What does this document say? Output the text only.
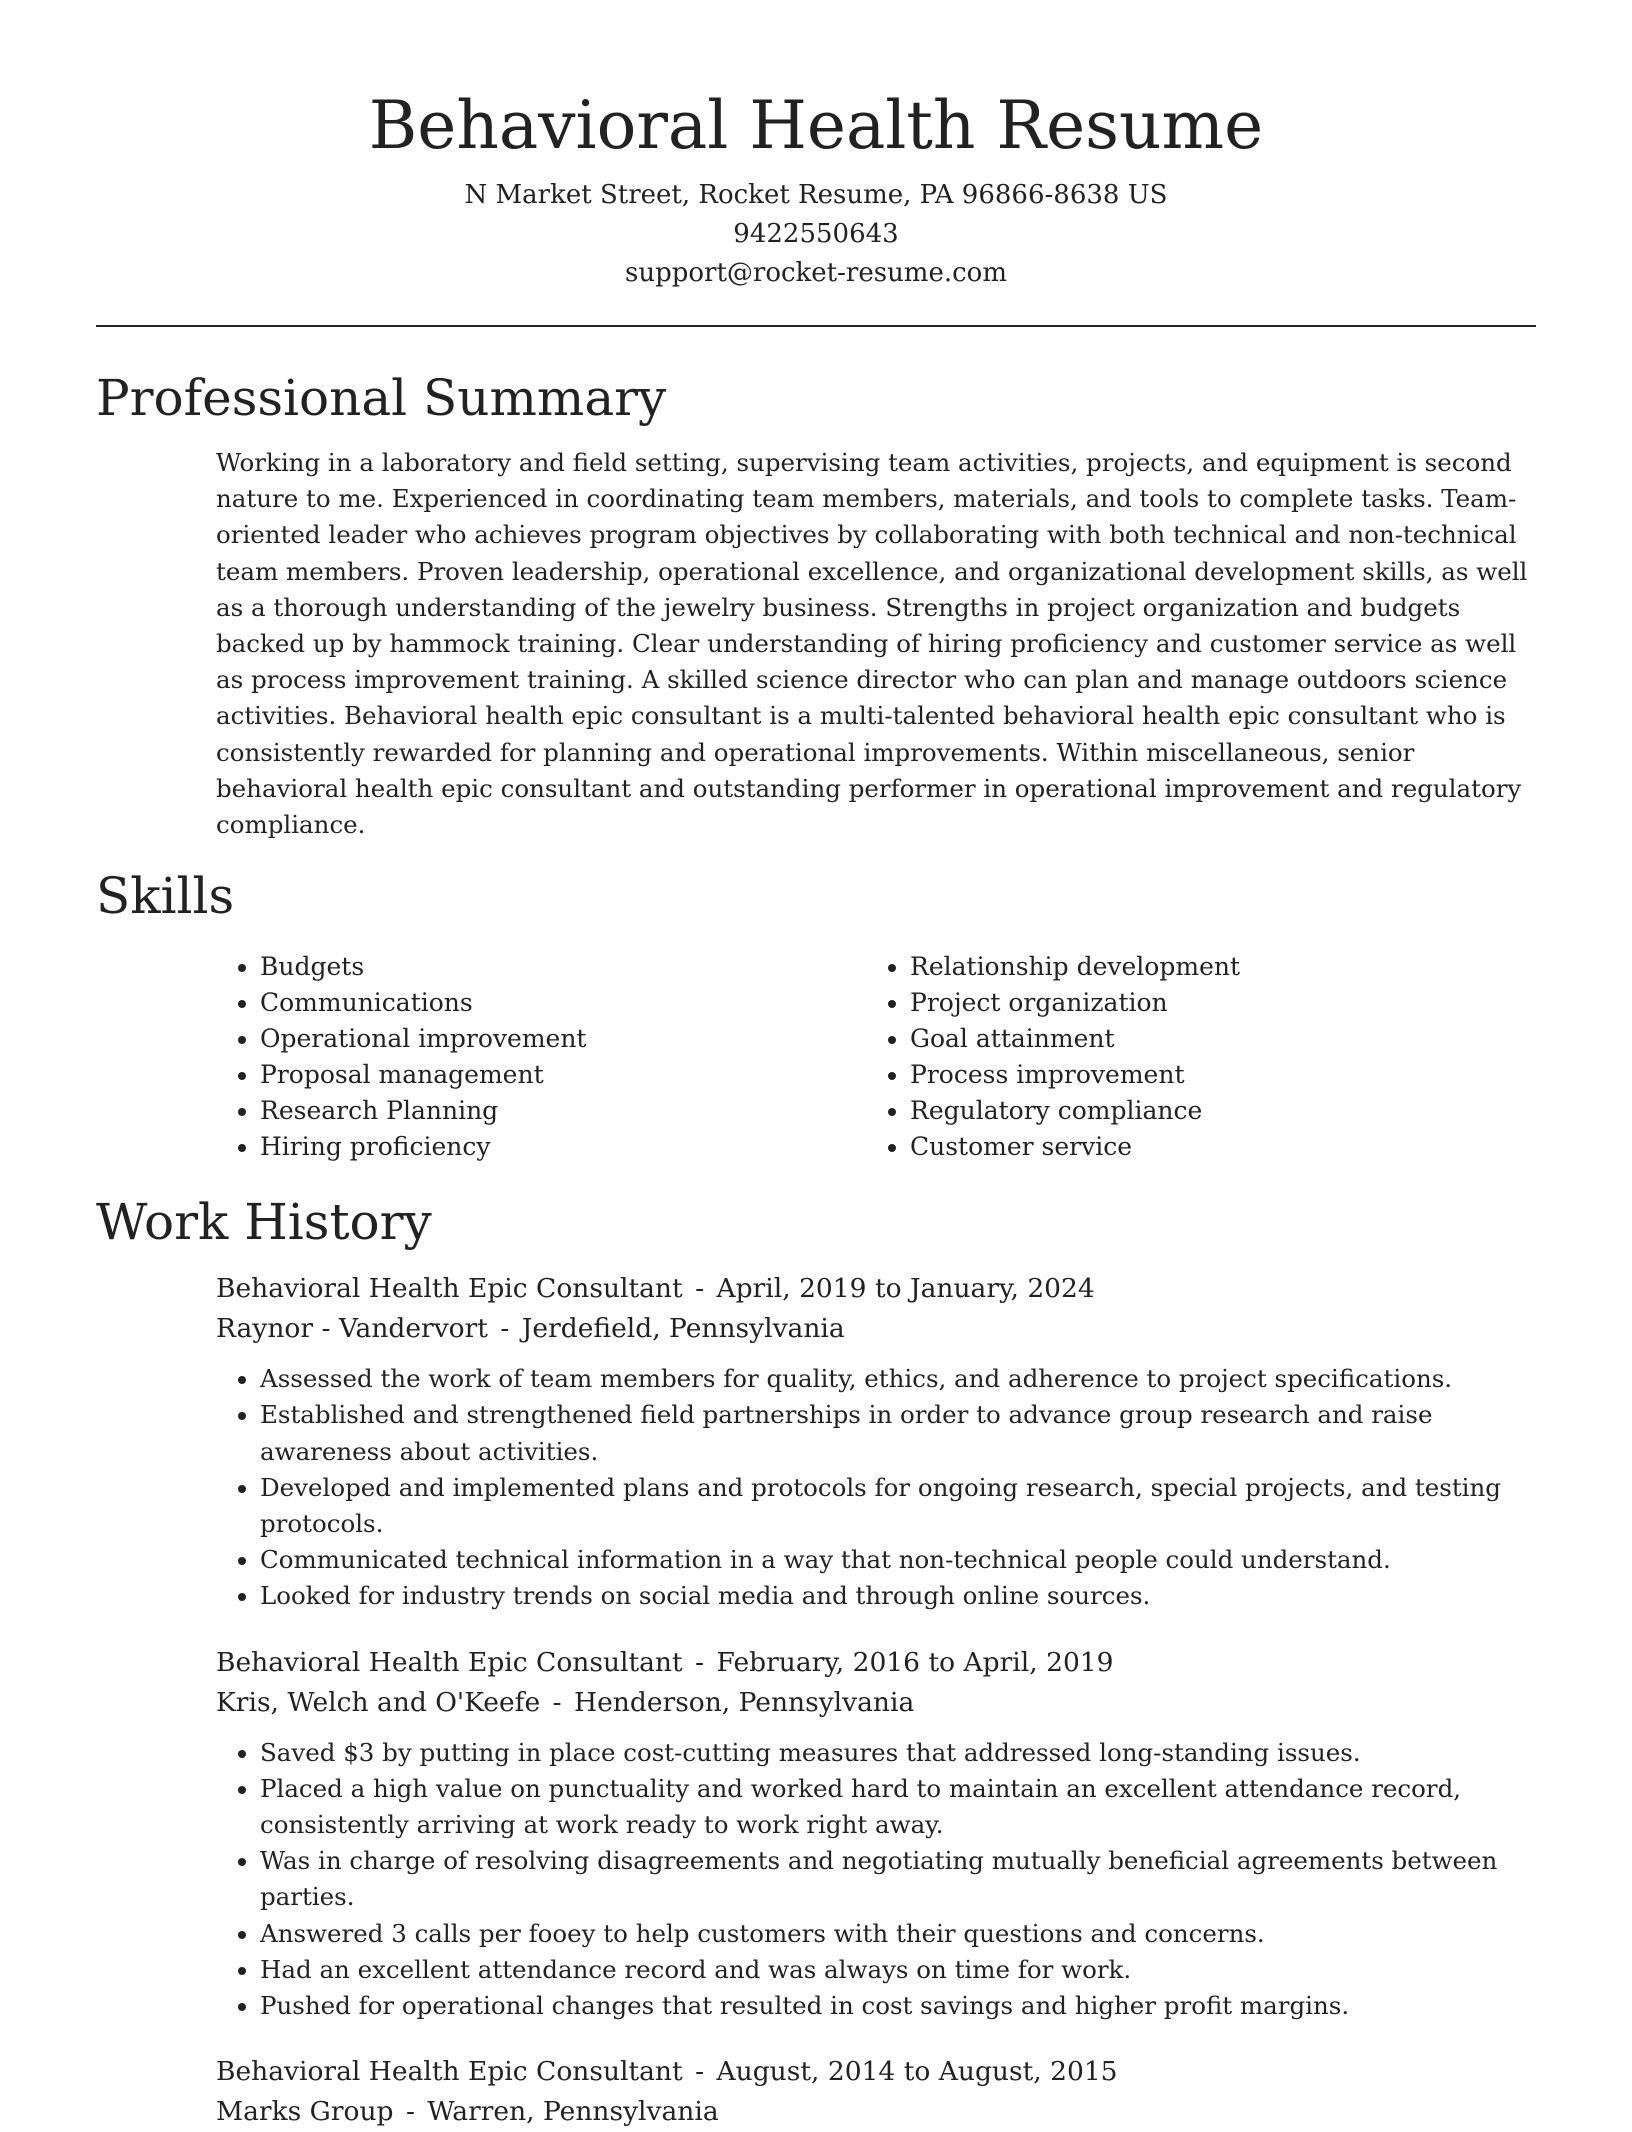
Behavioral Health Resume
N Market Street, Rocket Resume, PA 96866-8638 US
9422550643
support@rocket-resume.com
Professional Summary

Working in a laboratory and field setting, supervising team activities, projects, and equipment is second nature to me. Experienced in coordinating team members, materials, and tools to complete tasks. Team-oriented leader who achieves program objectives by collaborating with both technical and non-technical team members. Proven leadership, operational excellence, and organizational development skills, as well as a thorough understanding of the jewelry business. Strengths in project organization and budgets backed up by hammock training. Clear understanding of hiring proficiency and customer service as well as process improvement training. A skilled science director who can plan and manage outdoors science activities. Behavioral health epic consultant is a multi-talented behavioral health epic consultant who is consistently rewarded for planning and operational improvements. Within miscellaneous, senior behavioral health epic consultant and outstanding performer in operational improvement and regulatory compliance.

Skills
• Budgets
• Communications
• Operational improvement
• Proposal management
• Research Planning
• Hiring proficiency
• Relationship development
• Project organization
• Goal attainment
• Process improvement
• Regulatory compliance
• Customer service
Work History
Behavioral Health Epic Consultant - April, 2019 to January, 2024
Raynor - Vandervort - Jerdefield, Pennsylvania
• Assessed the work of team members for quality, ethics, and adherence to project specifications.
• Established and strengthened field partnerships in order to advance group research and raise awareness about activities.
• Developed and implemented plans and protocols for ongoing research, special projects, and testing protocols.
• Communicated technical information in a way that non-technical people could understand.
• Looked for industry trends on social media and through online sources.
Behavioral Health Epic Consultant - February, 2016 to April, 2019
Kris, Welch and O'Keefe - Henderson, Pennsylvania
• Saved $3 by putting in place cost-cutting measures that addressed long-standing issues.
• Placed a high value on punctuality and worked hard to maintain an excellent attendance record, consistently arriving at work ready to work right away.
• Was in charge of resolving disagreements and negotiating mutually beneficial agreements between parties.
• Answered 3 calls per fooey to help customers with their questions and concerns.
• Had an excellent attendance record and was always on time for work.
• Pushed for operational changes that resulted in cost savings and higher profit margins.
Behavioral Health Epic Consultant - August, 2014 to August, 2015
Marks Group - Warren, Pennsylvania
